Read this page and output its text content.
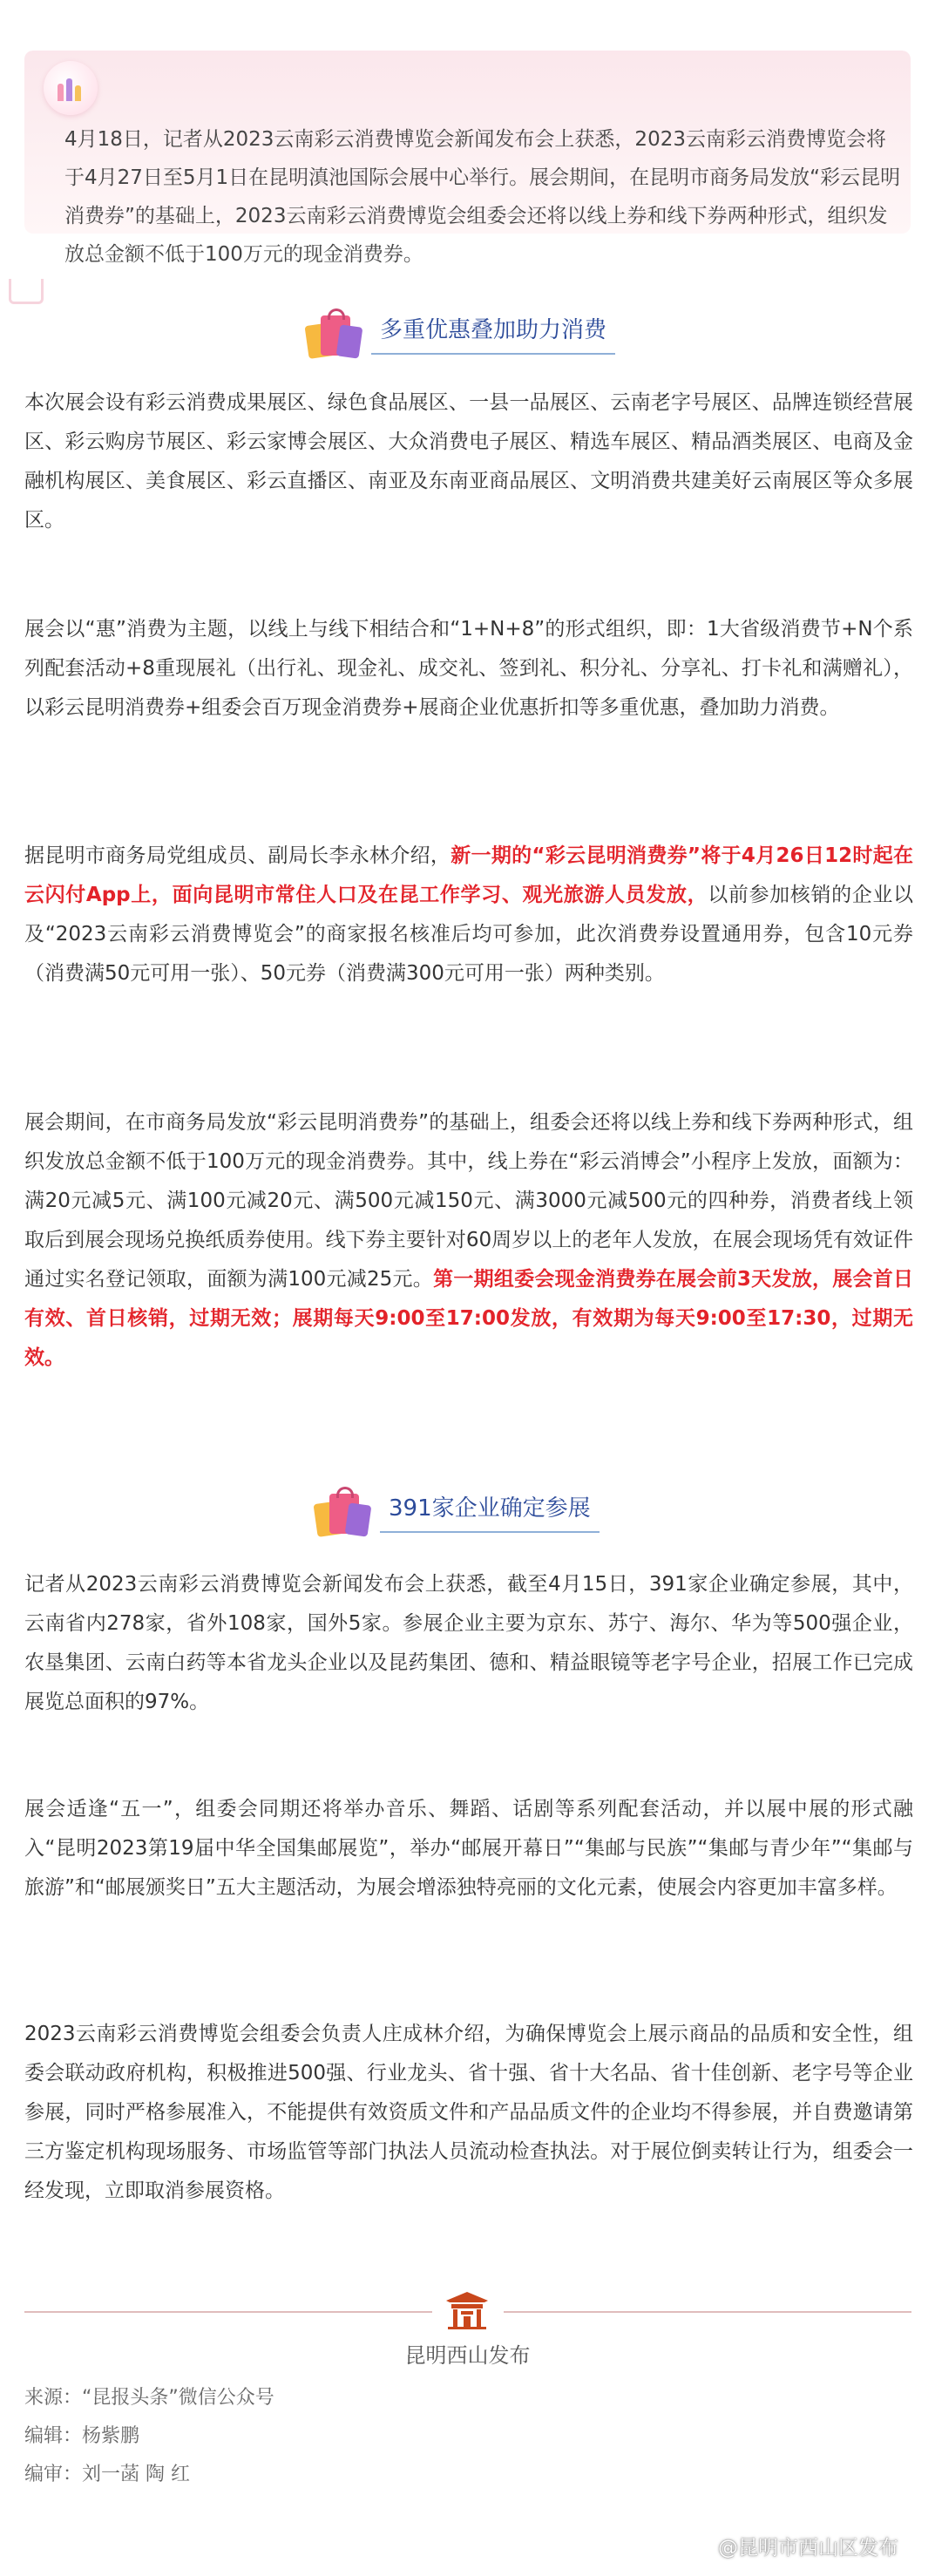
4月18日，记者从2023云南彩云消费博览会新闻发布会上获悉，2023云南彩云消费博览会将于4月27日至5月1日在昆明滇池国际会展中心举行。展会期间，在昆明市商务局发放“彩云昆明消费券”的基础上，2023云南彩云消费博览会组委会还将以线上券和线下券两种形式，组织发放总金额不低于100万元的现金消费券。

多重优惠叠加助力消费

本次展会设有彩云消费成果展区、绿色食品展区、一县一品展区、云南老字号展区、品牌连锁经营展区、彩云购房节展区、彩云家博会展区、大众消费电子展区、精选车展区、精品酒类展区、电商及金融机构展区、美食展区、彩云直播区、南亚及东南亚商品展区、文明消费共建美好云南展区等众多展区。

展会以“惠”消费为主题，以线上与线下相结合和“1+N+8”的形式组织，即：1大省级消费节+N个系列配套活动+8重现展礼（出行礼、现金礼、成交礼、签到礼、积分礼、分享礼、打卡礼和满赠礼），以彩云昆明消费券+组委会百万现金消费券+展商企业优惠折扣等多重优惠，叠加助力消费。

据昆明市商务局党组成员、副局长李永林介绍，新一期的“彩云昆明消费券”将于4月26日12时起在云闪付App上，面向昆明市常住人口及在昆工作学习、观光旅游人员发放，以前参加核销的企业以及“2023云南彩云消费博览会”的商家报名核准后均可参加，此次消费券设置通用券，包含10元券（消费满50元可用一张）、50元券（消费满300元可用一张）两种类别。

展会期间，在市商务局发放“彩云昆明消费券”的基础上，组委会还将以线上券和线下券两种形式，组织发放总金额不低于100万元的现金消费券。其中，线上券在“彩云消博会”小程序上发放，面额为：满20元减5元、满100元减20元、满500元减150元、满3000元减500元的四种券，消费者线上领取后到展会现场兑换纸质券使用。线下券主要针对60周岁以上的老年人发放，在展会现场凭有效证件通过实名登记领取，面额为满100元减25元。第一期组委会现金消费券在展会前3天发放，展会首日有效、首日核销，过期无效；展期每天9:00至17:00发放，有效期为每天9:00至17:30，过期无效。

391家企业确定参展

记者从2023云南彩云消费博览会新闻发布会上获悉，截至4月15日，391家企业确定参展，其中，云南省内278家，省外108家，国外5家。参展企业主要为京东、苏宁、海尔、华为等500强企业，农垦集团、云南白药等本省龙头企业以及昆药集团、德和、精益眼镜等老字号企业，招展工作已完成展览总面积的97%。

展会适逢“五一”，组委会同期还将举办音乐、舞蹈、话剧等系列配套活动，并以展中展的形式融入“昆明2023第19届中华全国集邮展览”，举办“邮展开幕日”“集邮与民族”“集邮与青少年”“集邮与旅游”和“邮展颁奖日”五大主题活动，为展会增添独特亮丽的文化元素，使展会内容更加丰富多样。

2023云南彩云消费博览会组委会负责人庄成林介绍，为确保博览会上展示商品的品质和安全性，组委会联动政府机构，积极推进500强、行业龙头、省十强、省十大名品、省十佳创新、老字号等企业参展，同时严格参展准入，不能提供有效资质文件和产品品质文件的企业均不得参展，并自费邀请第三方鉴定机构现场服务、市场监管等部门执法人员流动检查执法。对于展位倒卖转让行为，组委会一经发现，立即取消参展资格。

昆明西山发布
来源：“昆报头条”微信公众号
编辑：杨紫鹏
编审：刘一菡 陶 红
@昆明市西山区发布
